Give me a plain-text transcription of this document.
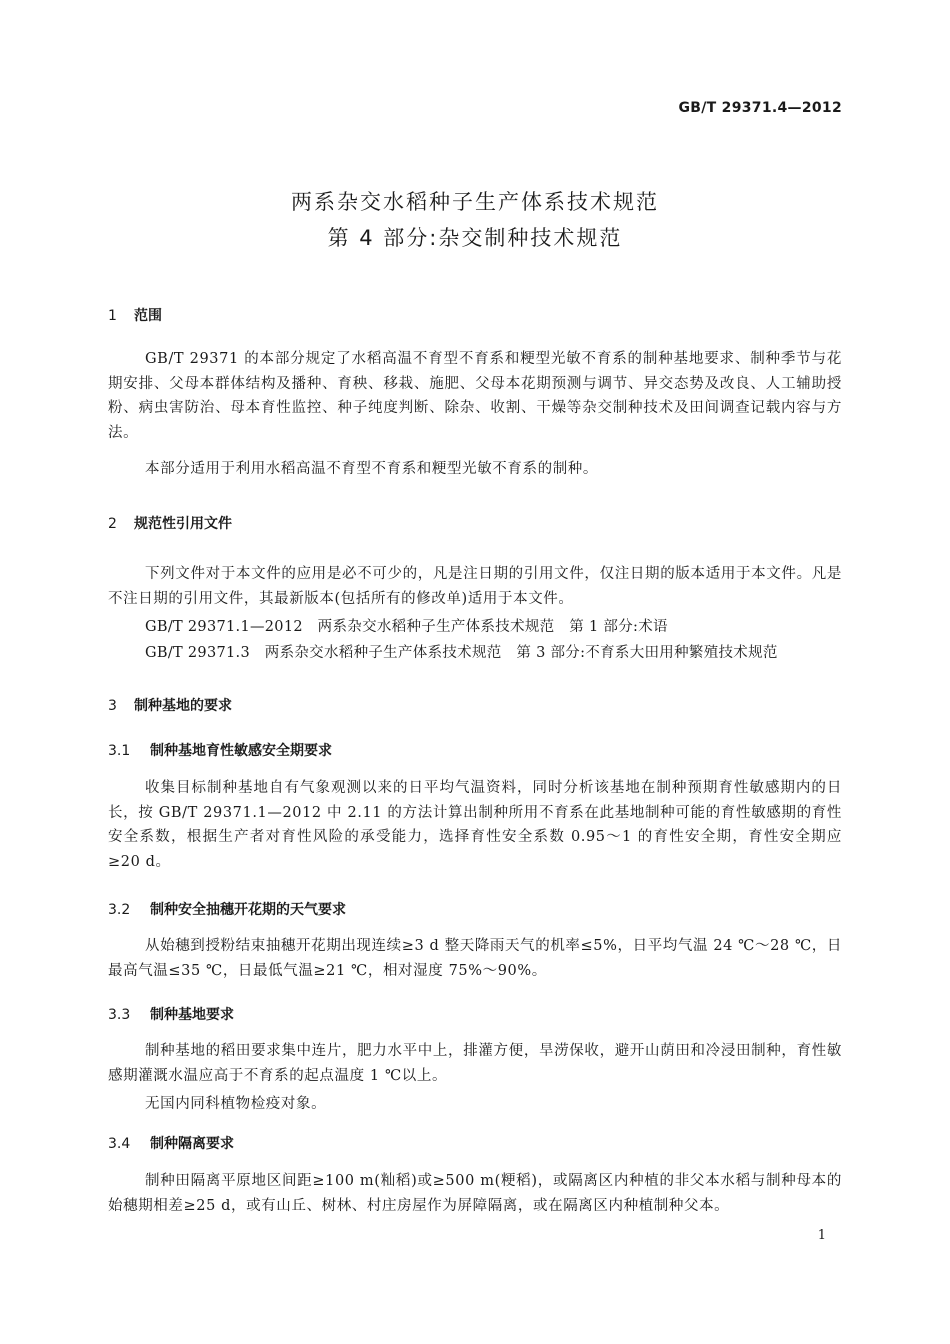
GB/T 29371.4—2012
两系杂交水稻种子生产体系技术规范
第 4 部分:杂交制种技术规范
1 范围
GB/T 29371 的本部分规定了水稻高温不育型不育系和粳型光敏不育系的制种基地要求、制种季节与花期安排、父母本群体结构及播种、育秧、移栽、施肥、父母本花期预测与调节、异交态势及改良、人工辅助授粉、病虫害防治、母本育性监控、种子纯度判断、除杂、收割、干燥等杂交制种技术及田间调查记载内容与方法。
本部分适用于利用水稻高温不育型不育系和粳型光敏不育系的制种。
2 规范性引用文件
下列文件对于本文件的应用是必不可少的，凡是注日期的引用文件，仅注日期的版本适用于本文件。凡是不注日期的引用文件，其最新版本(包括所有的修改单)适用于本文件。
GB/T 29371.1—2012　两系杂交水稻种子生产体系技术规范　第 1 部分:术语
GB/T 29371.3　两系杂交水稻种子生产体系技术规范　第 3 部分:不育系大田用种繁殖技术规范
3 制种基地的要求
3.1 制种基地育性敏感安全期要求
收集目标制种基地自有气象观测以来的日平均气温资料，同时分析该基地在制种预期育性敏感期内的日长，按 GB/T 29371.1—2012 中 2.11 的方法计算出制种所用不育系在此基地制种可能的育性敏感期的育性安全系数，根据生产者对育性风险的承受能力，选择育性安全系数 0.95～1 的育性安全期，育性安全期应≥20 d。
3.2 制种安全抽穗开花期的天气要求
从始穗到授粉结束抽穗开花期出现连续≥3 d 整天降雨天气的机率≤5%，日平均气温 24 ℃～28 ℃，日最高气温≤35 ℃，日最低气温≥21 ℃，相对湿度 75%～90%。
3.3 制种基地要求
制种基地的稻田要求集中连片，肥力水平中上，排灌方便，旱涝保收，避开山荫田和冷浸田制种，育性敏感期灌溉水温应高于不育系的起点温度 1 ℃以上。
无国内同科植物检疫对象。
3.4 制种隔离要求
制种田隔离平原地区间距≥100 m(籼稻)或≥500 m(粳稻)，或隔离区内种植的非父本水稻与制种母本的始穗期相差≥25 d，或有山丘、树林、村庄房屋作为屏障隔离，或在隔离区内种植制种父本。
1
